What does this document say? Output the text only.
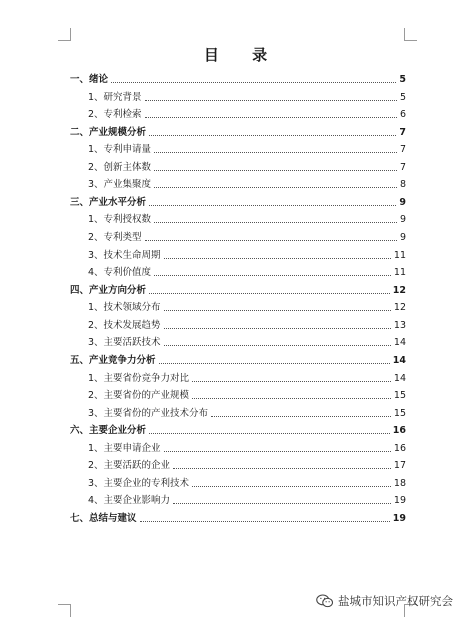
目 录
一、绪论	5
1、研究背景	5
2、专利检索	6
二、产业规模分析	7
1、专利申请量	7
2、创新主体数	7
3、产业集聚度	8
三、产业水平分析	9
1、专利授权数	9
2、专利类型	9
3、技术生命周期	11
4、专利价值度	11
四、产业方向分析	12
1、技术领域分布	12
2、技术发展趋势	13
3、主要活跃技术	14
五、产业竞争力分析	14
1、主要省份竞争力对比	14
2、主要省份的产业规模	15
3、主要省份的产业技术分布	15
六、主要企业分析	16
1、主要申请企业	16
2、主要活跃的企业	17
3、主要企业的专利技术	18
4、主要企业影响力	19
七、总结与建议	19
盐城市知识产权研究会
